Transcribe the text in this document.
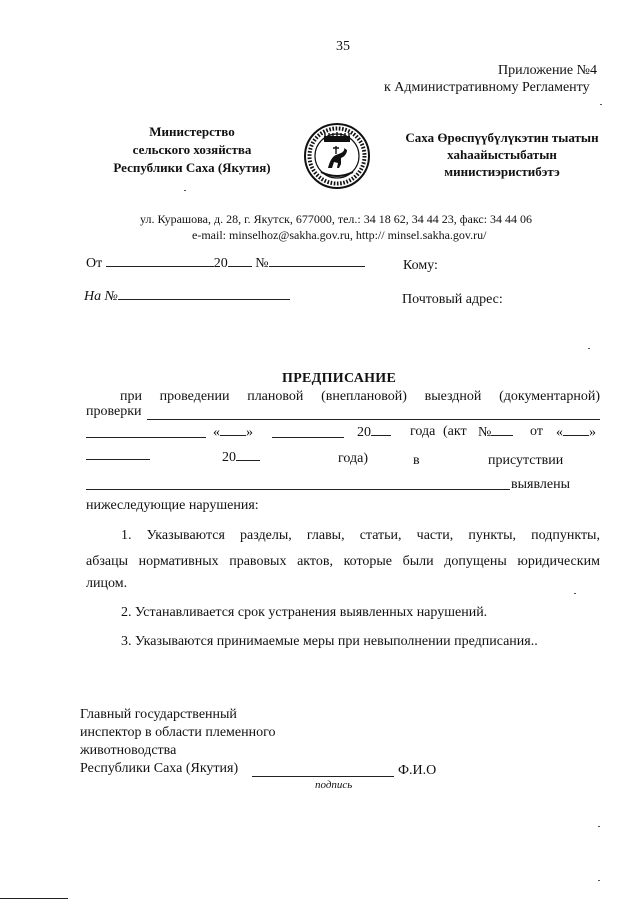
35
Приложение №4
к Административному Регламенту
Министерство
сельского хозяйства
Республики Саха (Якутия)
Саха Өрөспүүбүлүкэтин тыатын
хаһаайыстыбатын
министиэристибэтэ
ул. Курашова, д. 28, г. Якутск, 677000, тел.: 34 18 62, 34 44 23, факс: 34 44 06
e-mail: minselhoz@sakha.gov.ru, http:// minsel.sakha.gov.ru/
От	20 №	Кому:
На №	Почтовый адрес:
ПРЕДПИСАНИЕ
при проведении плановой (внеплановой) выездной (документарной)
проверки
« »	20	года (акт №	от « »
20	года)	в	присутствии
выявлены
нижеследующие нарушения:
1. Указываются разделы, главы, статьи, части, пункты, подпункты,
абзацы нормативных правовых актов, которые были допущены юридическим
лицом.
2. Устанавливается срок устранения выявленных нарушений.
3. Указываются принимаемые меры при невыполнении предписания..
Главный государственный
инспектор в области племенного
животноводства
Республики Саха (Якутия)	Ф.И.О
подпись
